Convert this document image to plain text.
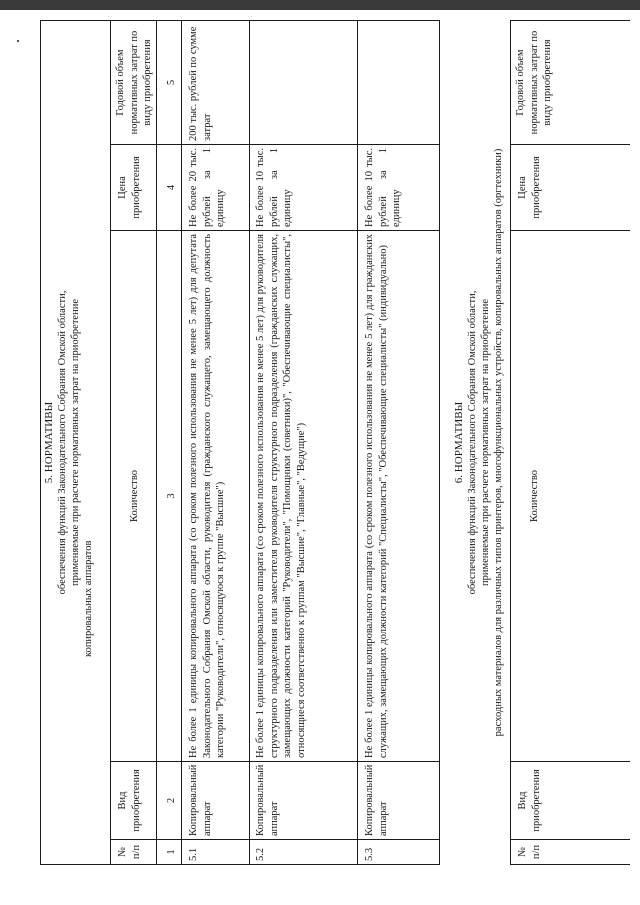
5. НОРМАТИВЫ обеспечения функций Законодательного Собрания Омской области, применяемые при расчете нормативных затрат на приобретение
копировальных аппаратов
№ п/п
Вид приобретения
Количество
Цена приобретения
Годовой объем нормативных затрат по виду приобретения
1
2
3
4
5
5.1
Копировальный аппарат
Не более 1 единицы копировального аппарата (со сроком полезного использования не менее 5 лет) для депутата Законодательного Собрания Омской области, руководителя (гражданского служащего, замещающего должность категории "Руководители", относящуюся к группе "Высшие")
Не более 20 тыс. рублей за 1 единицу
200 тыс. рублей по сумме затрат
5.2
Копировальный аппарат
Не более 1 единицы копировального аппарата (со сроком полезного использования не менее 5 лет) для руководителя структурного подразделения или заместителя руководителя структурного подразделения (гражданских служащих, замещающих должности категорий "Руководители", "Помощники (советники)", "Обеспечивающие специалисты", относящиеся соответственно к группам "Высшие", "Главные", "Ведущие")
Не более 10 тыс. рублей за 1 единицу
5.3
Копировальный аппарат
Не более 1 единицы копировального аппарата (со сроком полезного использования не менее 5 лет) для гражданских служащих, замещающих должности категорий "Специалисты", "Обеспечивающие специалисты" (индивидуально)
Не более 10 тыс. рублей за 1 единицу
6. НОРМАТИВЫ обеспечения функций Законодательного Собрания Омской области, применяемые при расчете нормативных затрат на приобретение расходных материалов для различных типов принтеров, многофункциональных устройств, копировальных аппаратов (оргтехники)
№ п/п
Вид приобретения
Количество
Цена приобретения
Годовой объем нормативных затрат по виду приобретения
